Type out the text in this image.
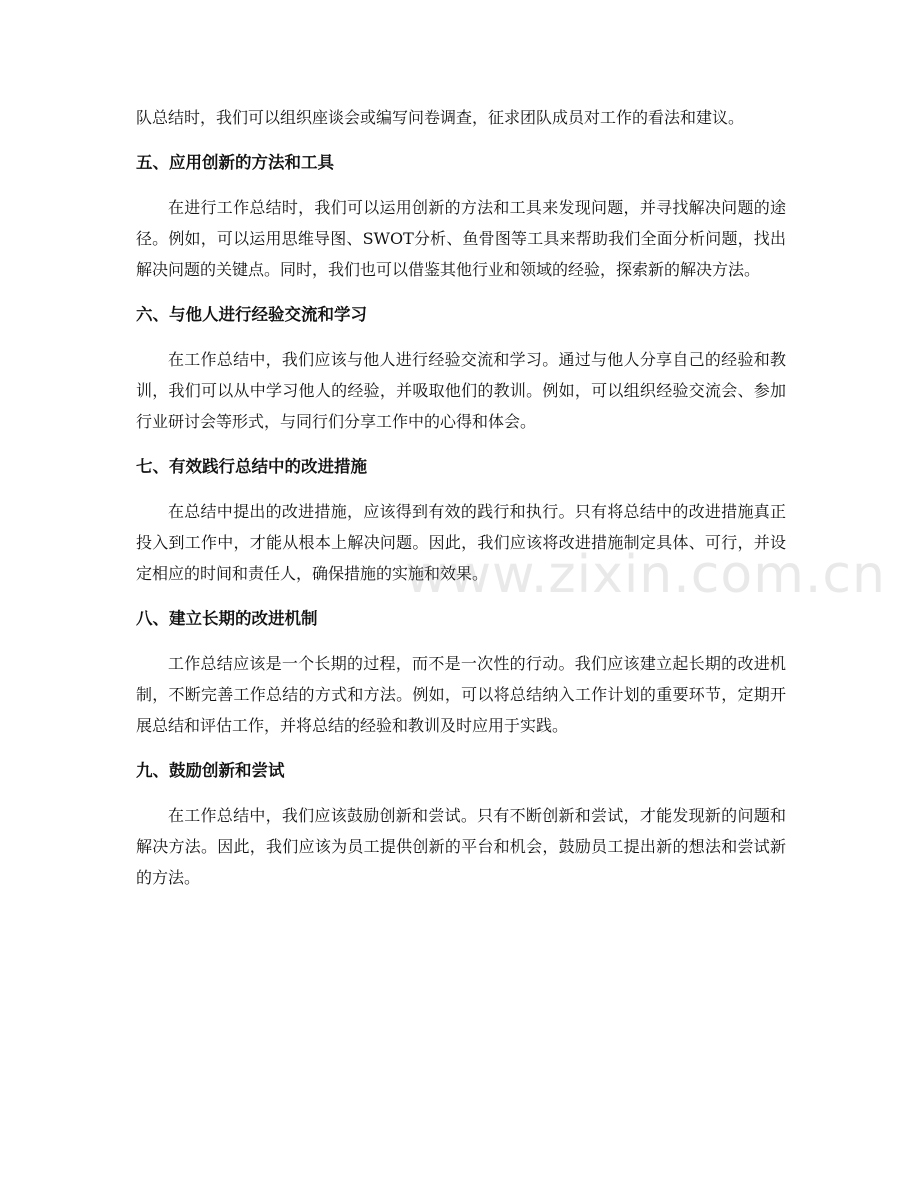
队总结时，我们可以组织座谈会或编写问卷调查，征求团队成员对工作的看法和建议。

五、应用创新的方法和工具

在进行工作总结时，我们可以运用创新的方法和工具来发现问题，并寻找解决问题的途径。例如，可以运用思维导图、SWOT分析、鱼骨图等工具来帮助我们全面分析问题，找出解决问题的关键点。同时，我们也可以借鉴其他行业和领域的经验，探索新的解决方法。

六、与他人进行经验交流和学习

在工作总结中，我们应该与他人进行经验交流和学习。通过与他人分享自己的经验和教训，我们可以从中学习他人的经验，并吸取他们的教训。例如，可以组织经验交流会、参加行业研讨会等形式，与同行们分享工作中的心得和体会。

七、有效践行总结中的改进措施

在总结中提出的改进措施，应该得到有效的践行和执行。只有将总结中的改进措施真正投入到工作中，才能从根本上解决问题。因此，我们应该将改进措施制定具体、可行，并设定相应的时间和责任人，确保措施的实施和效果。

八、建立长期的改进机制

工作总结应该是一个长期的过程，而不是一次性的行动。我们应该建立起长期的改进机制，不断完善工作总结的方式和方法。例如，可以将总结纳入工作计划的重要环节，定期开展总结和评估工作，并将总结的经验和教训及时应用于实践。

九、鼓励创新和尝试

在工作总结中，我们应该鼓励创新和尝试。只有不断创新和尝试，才能发现新的问题和解决方法。因此，我们应该为员工提供创新的平台和机会，鼓励员工提出新的想法和尝试新的方法。

www.zixin.com.cn
